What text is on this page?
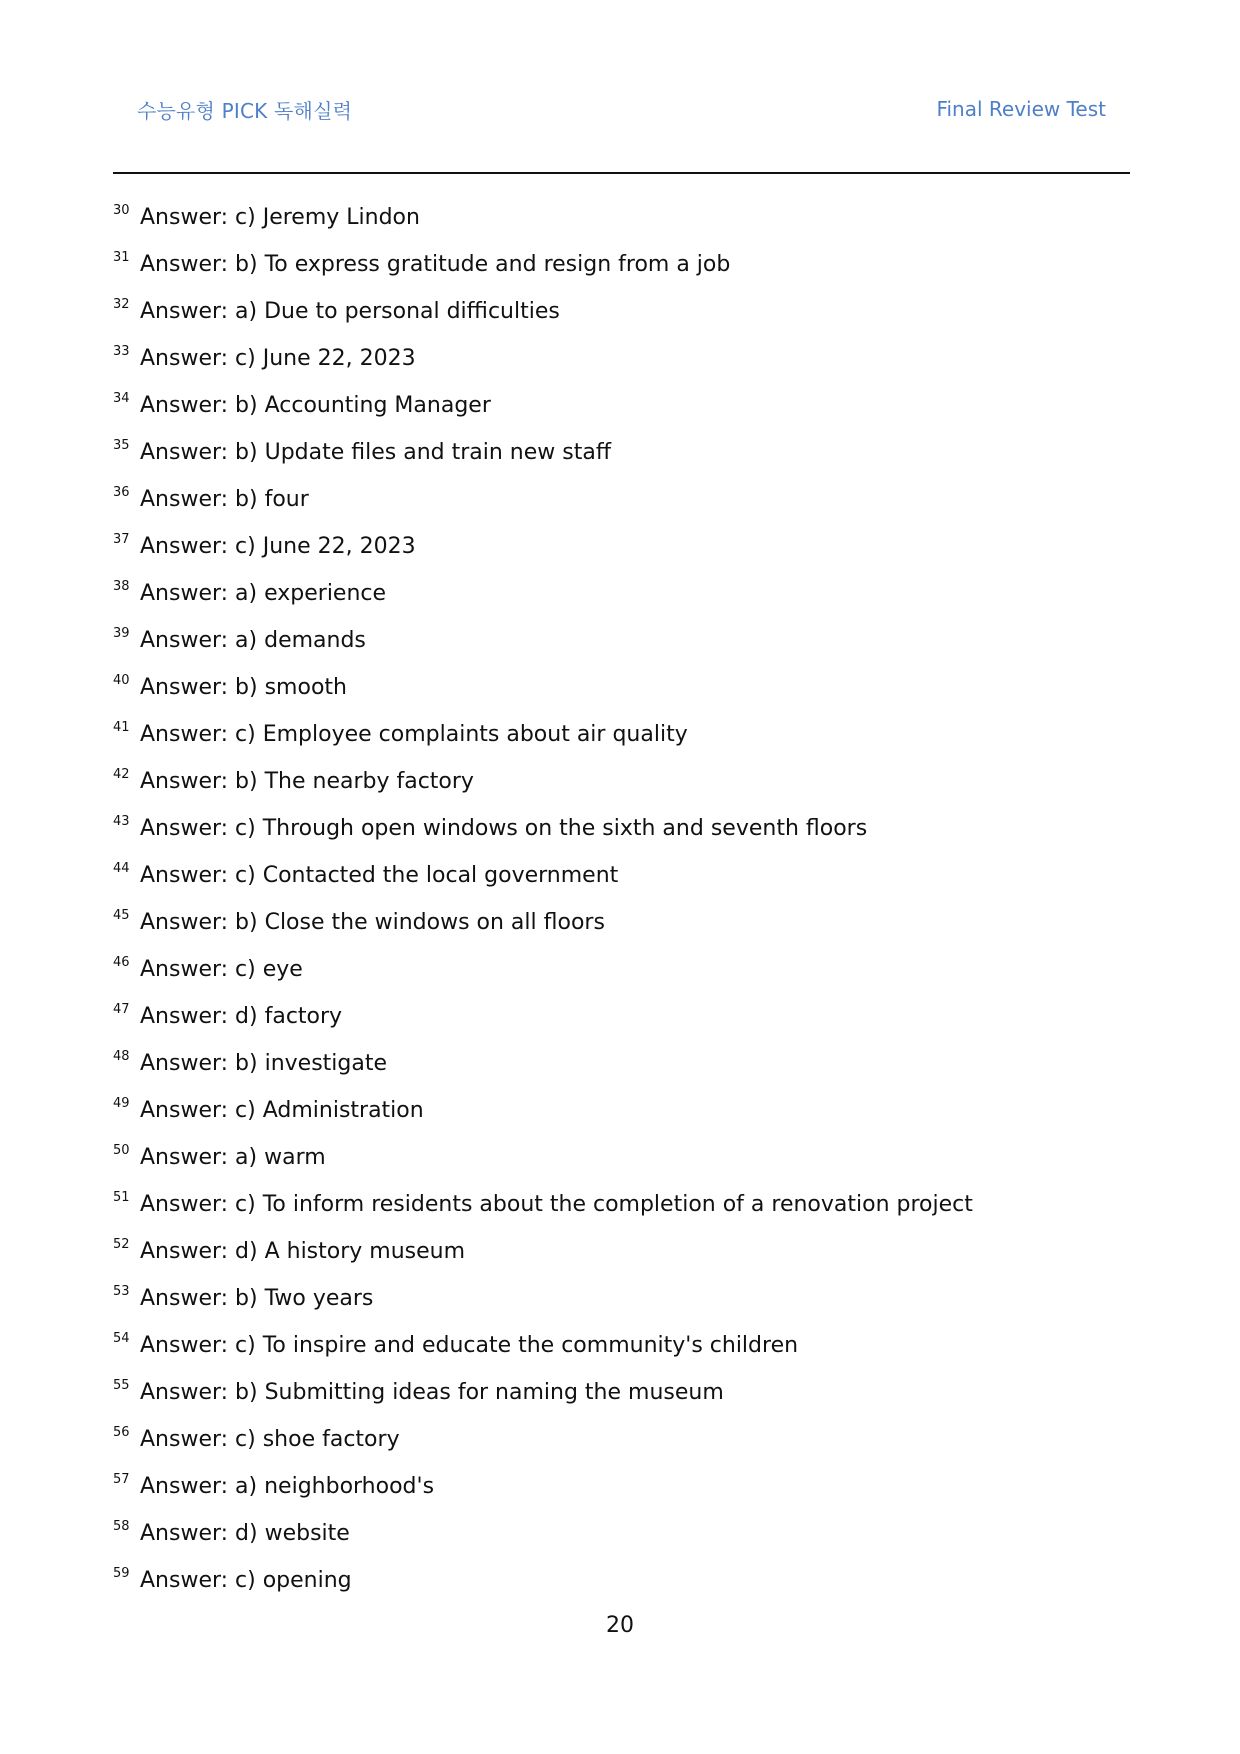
수능유형 PICK 독해실력	Final Review Test
30 Answer: c) Jeremy Lindon
31 Answer: b) To express gratitude and resign from a job
32 Answer: a) Due to personal difficulties
33 Answer: c) June 22, 2023
34 Answer: b) Accounting Manager
35 Answer: b) Update files and train new staff
36 Answer: b) four
37 Answer: c) June 22, 2023
38 Answer: a) experience
39 Answer: a) demands
40 Answer: b) smooth
41 Answer: c) Employee complaints about air quality
42 Answer: b) The nearby factory
43 Answer: c) Through open windows on the sixth and seventh floors
44 Answer: c) Contacted the local government
45 Answer: b) Close the windows on all floors
46 Answer: c) eye
47 Answer: d) factory
48 Answer: b) investigate
49 Answer: c) Administration
50 Answer: a) warm
51 Answer: c) To inform residents about the completion of a renovation project
52 Answer: d) A history museum
53 Answer: b) Two years
54 Answer: c) To inspire and educate the community's children
55 Answer: b) Submitting ideas for naming the museum
56 Answer: c) shoe factory
57 Answer: a) neighborhood's
58 Answer: d) website
59 Answer: c) opening
20
